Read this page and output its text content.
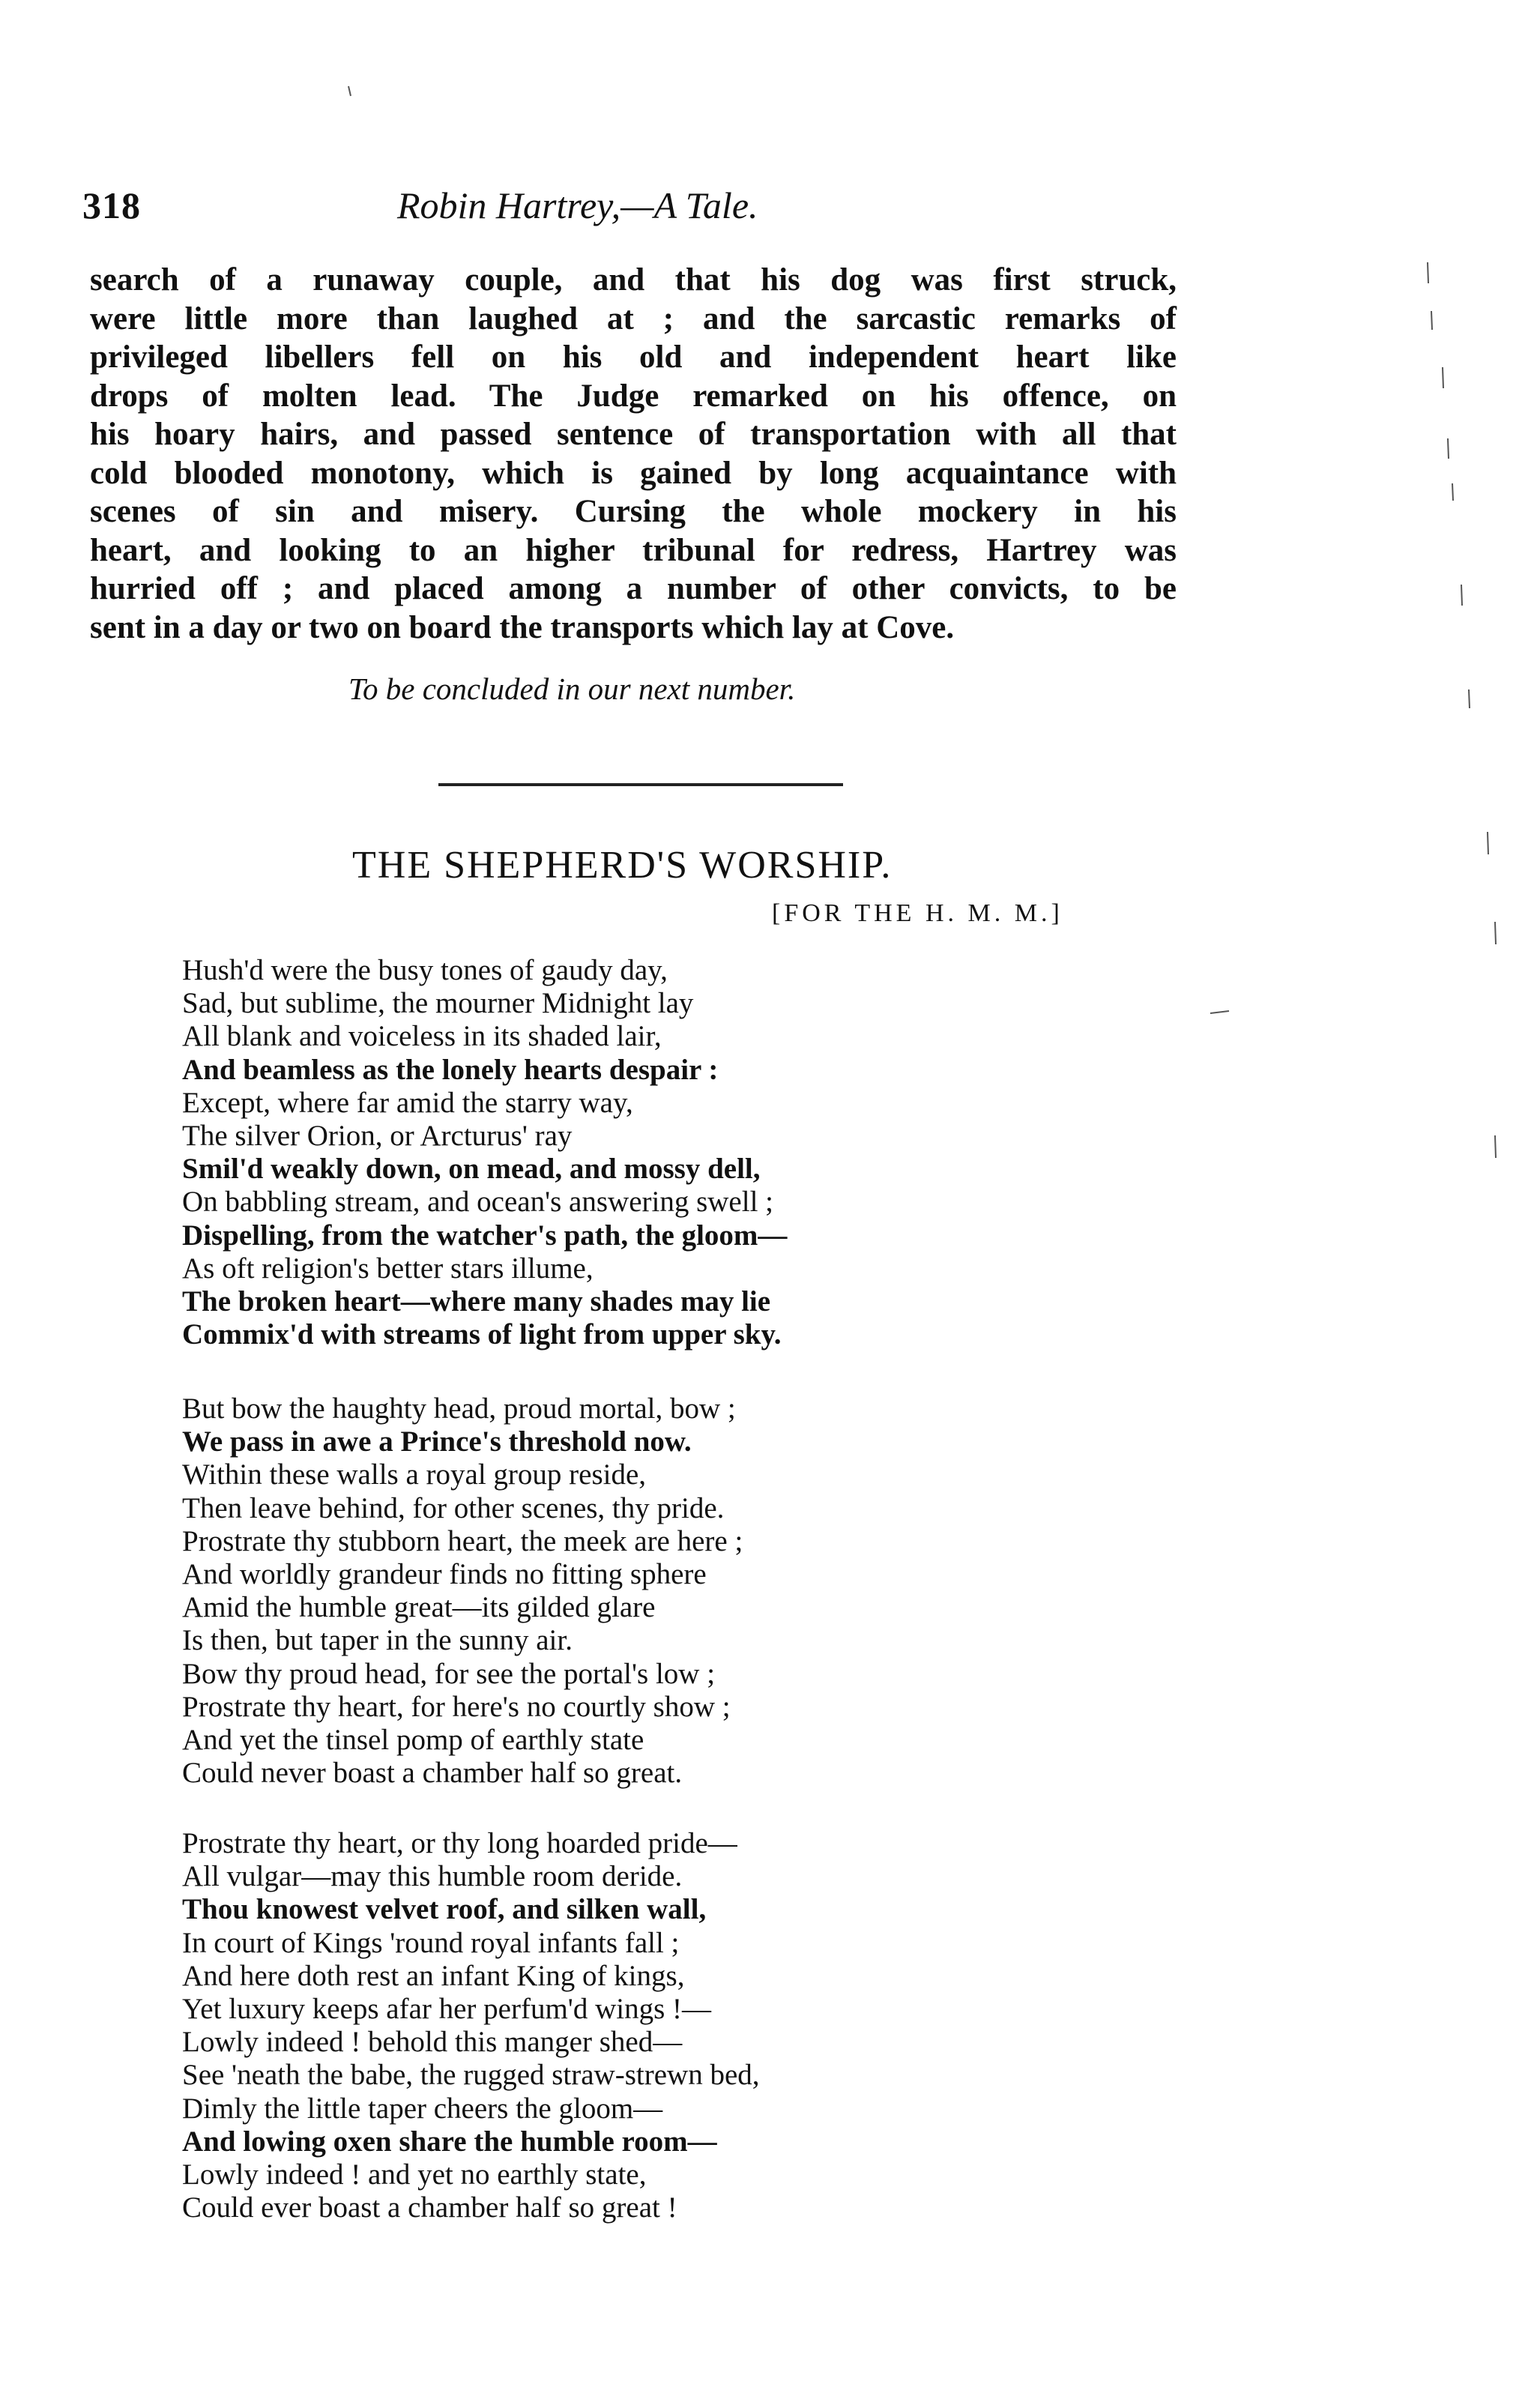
318	Robin Hartrey,—A Tale.
search of a runaway couple, and that his dog was first struck,
were little more than laughed at ; and the sarcastic remarks of
privileged libellers fell on his old and independent heart like
drops of molten lead. The Judge remarked on his offence, on
his hoary hairs, and passed sentence of transportation with all that
cold blooded monotony, which is gained by long acquaintance with
scenes of sin and misery. Cursing the whole mockery in his
heart, and looking to an higher tribunal for redress, Hartrey was
hurried off ; and placed among a number of other convicts, to be
sent in a day or two on board the transports which lay at Cove.
To be concluded in our next number.
THE SHEPHERD'S WORSHIP.
[FOR THE H. M. M.]
Hush'd were the busy tones of gaudy day,
Sad, but sublime, the mourner Midnight lay
All blank and voiceless in its shaded lair,
And beamless as the lonely hearts despair :
Except, where far amid the starry way,
The silver Orion, or Arcturus' ray
Smil'd weakly down, on mead, and mossy dell,
On babbling stream, and ocean's answering swell ;
Dispelling, from the watcher's path, the gloom—
As oft religion's better stars illume,
The broken heart—where many shades may lie
Commix'd with streams of light from upper sky.
But bow the haughty head, proud mortal, bow ;
We pass in awe a Prince's threshold now.
Within these walls a royal group reside,
Then leave behind, for other scenes, thy pride.
Prostrate thy stubborn heart, the meek are here ;
And worldly grandeur finds no fitting sphere
Amid the humble great—its gilded glare
Is then, but taper in the sunny air.
Bow thy proud head, for see the portal's low ;
Prostrate thy heart, for here's no courtly show ;
And yet the tinsel pomp of earthly state
Could never boast a chamber half so great.
Prostrate thy heart, or thy long hoarded pride—
All vulgar—may this humble room deride.
Thou knowest velvet roof, and silken wall,
In court of Kings 'round royal infants fall ;
And here doth rest an infant King of kings,
Yet luxury keeps afar her perfum'd wings !—
Lowly indeed ! behold this manger shed—
See 'neath the babe, the rugged straw-strewn bed,
Dimly the little taper cheers the gloom—
And lowing oxen share the humble room—
Lowly indeed ! and yet no earthly state,
Could ever boast a chamber half so great !
